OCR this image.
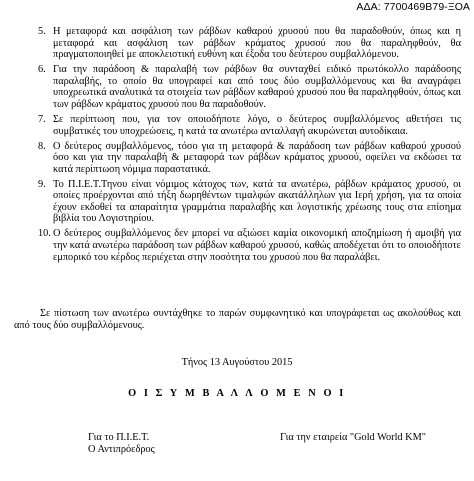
ΑΔΑ: 7700469Β79-ΞΟΑ
5. Η μεταφορά και ασφάλιση των ράβδων καθαρού χρυσού που θα παραδοθούν, όπως και η μεταφορά και ασφάλιση των ράβδων κράματος χρυσού που θα παραληφθούν, θα πραγματοποιηθεί με αποκλειστική ευθύνη και έξοδα του δεύτερου συμβαλλόμενου.
6. Για την παράδοση & παραλαβή των ράβδων θα συνταχθεί ειδικό πρωτόκολλο παράδοσης παραλαβής, το οποίο θα υπογραφεί και από τους δύο συμβαλλόμενους και θα αναγράφει υποχρεωτικά αναλυτικά τα στοιχεία των ράβδων καθαρού χρυσού που θα παραληφθούν, όπως και των ράβδων κράματος χρυσού που θα παραδοθούν.
7. Σε περίπτωση που, για τον οποιοδήποτε λόγο, ο δεύτερος συμβαλλόμενος αθετήσει τις συμβατικές του υποχρεώσεις, η κατά τα ανωτέρω ανταλλαγή ακυρώνεται αυτοδίκαια.
8. Ο δεύτερος συμβαλλόμενος, τόσο για τη μεταφορά & παράδοση των ράβδων καθαρού χρυσού όσο και για την παραλαβή & μεταφορά των ράβδων κράματος χρυσού, οφείλει να εκδώσει τα κατά περίπτωση νόμιμα παραστατικά.
9. Το Π.Ι.Ε.Τ.Τηνου είναι νόμιμος κάτοχος των, κατά τα ανωτέρω, ράβδων κράματος χρυσού, οι οποίες προέρχονται από τήξη δωρηθέντων τιμαλφών ακατάλληλων για Ιερή χρήση, για τα οποία έχουν εκδοθεί τα απαραίτητα γραμμάτια παραλαβής και λογιστικής χρέωσης τους στα επίσημα βιβλία του Λογιστηρίου.
10. Ο δεύτερος συμβαλλόμενος δεν μπορεί να αξιώσει καμία οικονομική αποζημίωση ή αμοιβή για την κατά ανωτέρω παράδοση των ράβδων καθαρού χρυσού, καθώς αποδέχεται ότι το οποιοδήποτε εμπορικό του κέρδος περιέχεται στην ποσότητα του χρυσού που θα παραλάβει.

Σε πίστωση των ανωτέρω συντάχθηκε το παρών συμφωνητικό και υπογράφεται ως ακολούθως και από τους δύο συμβαλλόμενους.

Τήνος 13 Αυγούστου 2015
Ο Ι Σ Υ Μ Β Α Λ Λ Ο Μ Ε Ν Ο Ι
Για το Π.Ι.Ε.Τ.
Ο Αντιπρόεδρος
Για την εταιρεία "Gold World KM"
